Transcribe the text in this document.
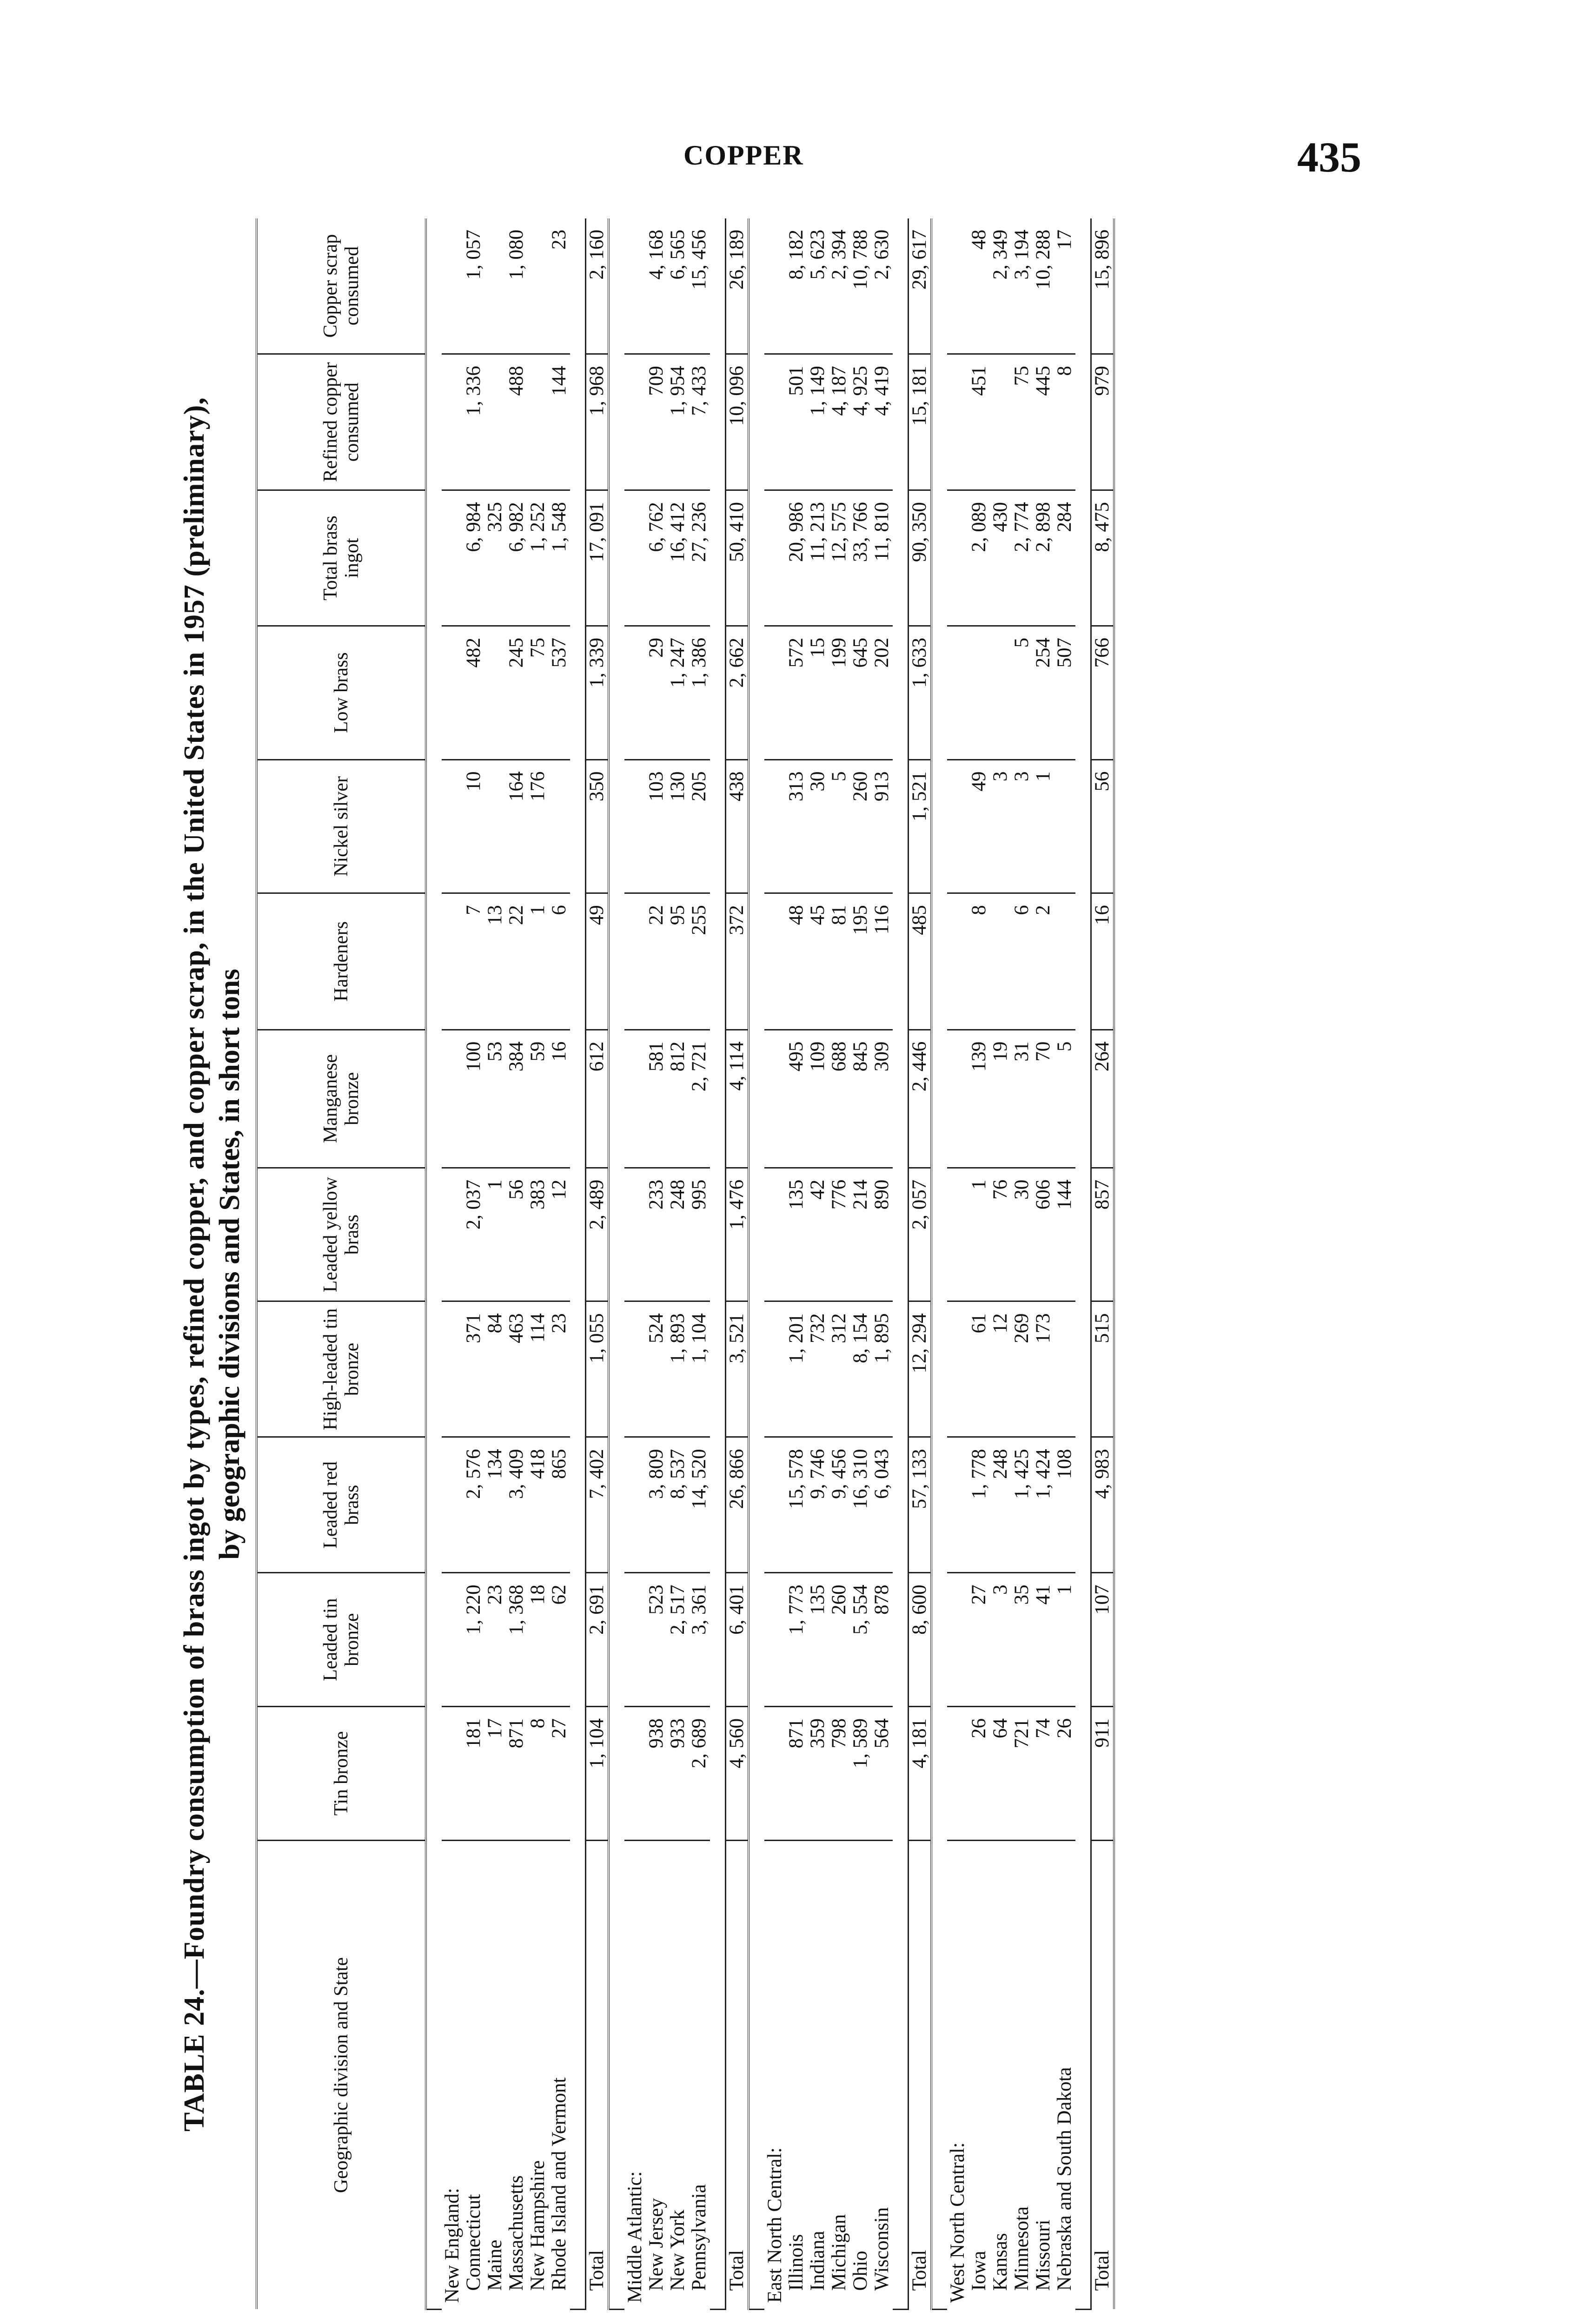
COPPER	435
TABLE 24.—Foundry consumption of brass ingot by types, refined copper, and copper scrap, in the United States in 1957 (preliminary), by geographic divisions and States, in short tons
Geographic division and State	Tin bronze	Leaded tin bronze	Leaded red brass	High-leaded tin bronze	Leaded yellow brass	Manganese bronze	Hardeners	Nickel silver	Low brass	Total brass ingot	Refined copper consumed	Copper scrap consumed

New England:												
Connecticut	181	1, 220	2, 576	371	2, 037	100	7	10	482	6, 984	1, 336	1, 057
Maine	17	23	134	84	1	53	13			325		
Massachusetts	871	1, 368	3, 409	463	56	384	22	164	245	6, 982	488	1, 080
New Hampshire	8	18	418	114	383	59	1	176	75	1, 252		
Rhode Island and Vermont	27	62	865	23	12	16	6		537	1, 548	144	23

Total	1, 104	2, 691	7, 402	1, 055	2, 489	612	49	350	1, 339	17, 091	1, 968	2, 160

Middle Atlantic:												
New Jersey	938	523	3, 809	524	233	581	22	103	29	6, 762	709	4, 168
New York	933	2, 517	8, 537	1, 893	248	812	95	130	1, 247	16, 412	1, 954	6, 565
Pennsylvania	2, 689	3, 361	14, 520	1, 104	995	2, 721	255	205	1, 386	27, 236	7, 433	15, 456

Total	4, 560	6, 401	26, 866	3, 521	1, 476	4, 114	372	438	2, 662	50, 410	10, 096	26, 189

East North Central:												
Illinois	871	1, 773	15, 578	1, 201	135	495	48	313	572	20, 986	501	8, 182
Indiana	359	135	9, 746	732	42	109	45	30	15	11, 213	1, 149	5, 623
Michigan	798	260	9, 456	312	776	688	81	5	199	12, 575	4, 187	2, 394
Ohio	1, 589	5, 554	16, 310	8, 154	214	845	195	260	645	33, 766	4, 925	10, 788
Wisconsin	564	878	6, 043	1, 895	890	309	116	913	202	11, 810	4, 419	2, 630

Total	4, 181	8, 600	57, 133	12, 294	2, 057	2, 446	485	1, 521	1, 633	90, 350	15, 181	29, 617

West North Central:												
Iowa	26	27	1, 778	61	1	139	8	49		2, 089	451	48
Kansas	64	3	248	12	76	19		3		430		2, 349
Minnesota	721	35	1, 425	269	30	31	6	3	5	2, 774	75	3, 194
Missouri	74	41	1, 424	173	606	70	2	1	254	2, 898	445	10, 288
Nebraska and South Dakota	26	1	108		144	5			507	284	8	17

Total	911	107	4, 983	515	857	264	16	56	766	8, 475	979	15, 896
